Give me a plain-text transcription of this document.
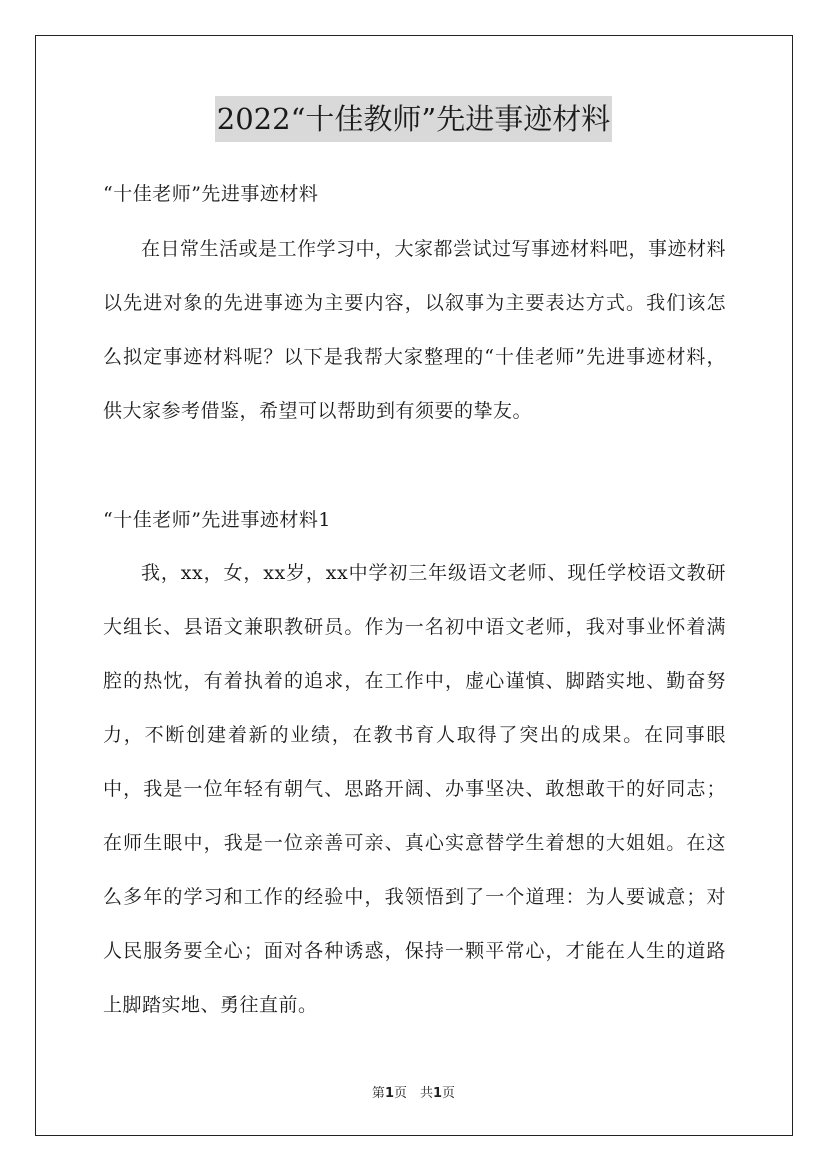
2022“十佳教师”先进事迹材料

“十佳老师”先进事迹材料

在日常生活或是工作学习中，大家都尝试过写事迹材料吧，事迹材料以先进对象的先进事迹为主要内容，以叙事为主要表达方式。我们该怎么拟定事迹材料呢？以下是我帮大家整理的“十佳老师”先进事迹材料，供大家参考借鉴，希望可以帮助到有须要的挚友。

“十佳老师”先进事迹材料1

我，xx，女，xx岁，xx中学初三年级语文老师、现任学校语文教研大组长、县语文兼职教研员。作为一名初中语文老师，我对事业怀着满腔的热忱，有着执着的追求，在工作中，虚心谨慎、脚踏实地、勤奋努力，不断创建着新的业绩，在教书育人取得了突出的成果。在同事眼中，我是一位年轻有朝气、思路开阔、办事坚决、敢想敢干的好同志；在师生眼中，我是一位亲善可亲、真心实意替学生着想的大姐姐。在这么多年的学习和工作的经验中，我领悟到了一个道理：为人要诚意；对人民服务要全心；面对各种诱惑，保持一颗平常心，才能在人生的道路上脚踏实地、勇往直前。

第1页　共1页
